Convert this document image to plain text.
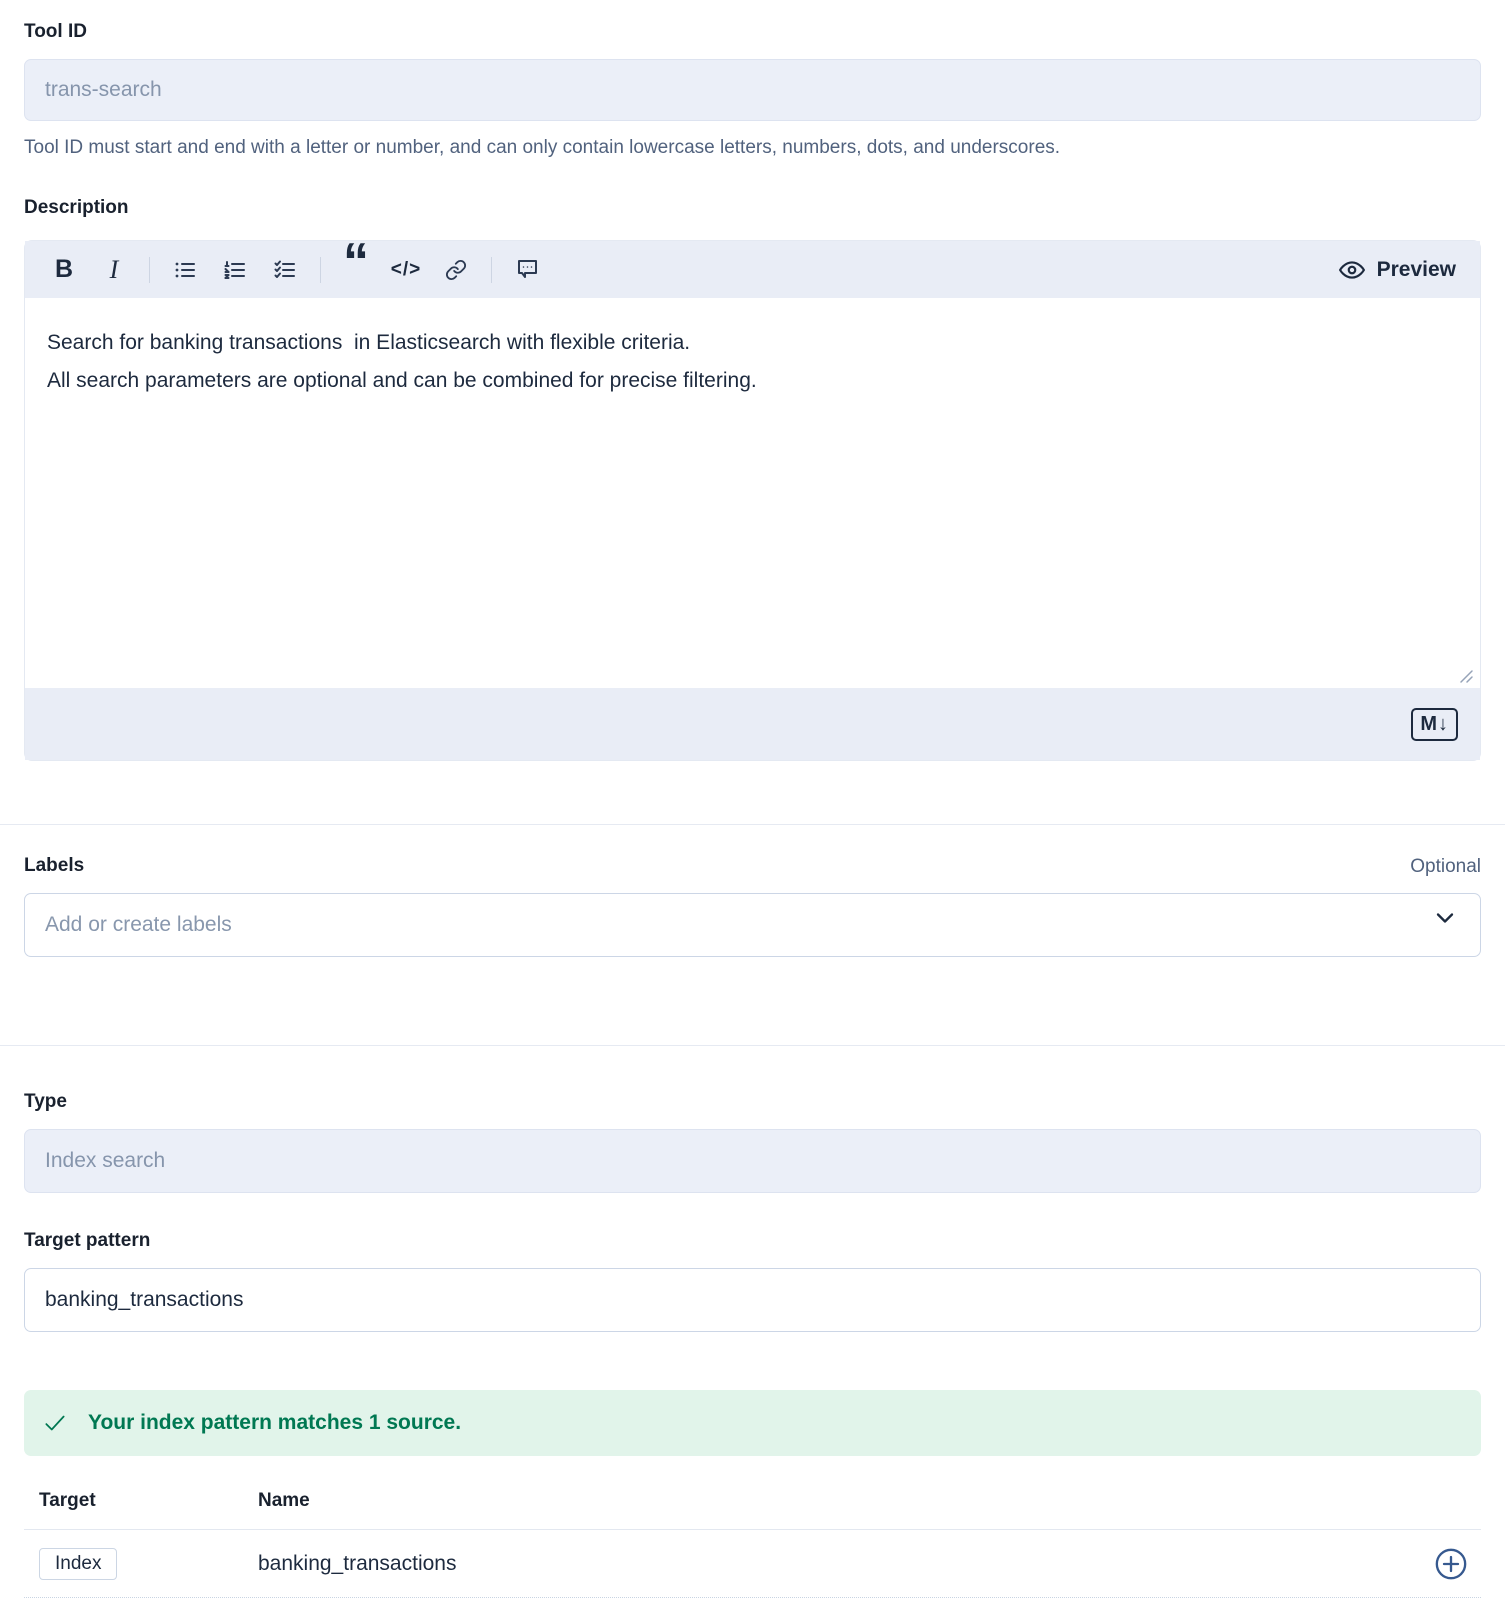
Tool ID
trans-search
Tool ID must start and end with a letter or number, and can only contain lowercase letters, numbers, dots, and underscores.
Description
B I	“ </>	Preview
Search for banking transactions in Elasticsearch with flexible criteria. All search parameters are optional and can be combined for precise filtering.
M↓
Labels	Optional
Add or create labels
Type
Index search
Target pattern
banking_transactions
Your index pattern matches 1 source.
Target	Name
Index	banking_transactions
